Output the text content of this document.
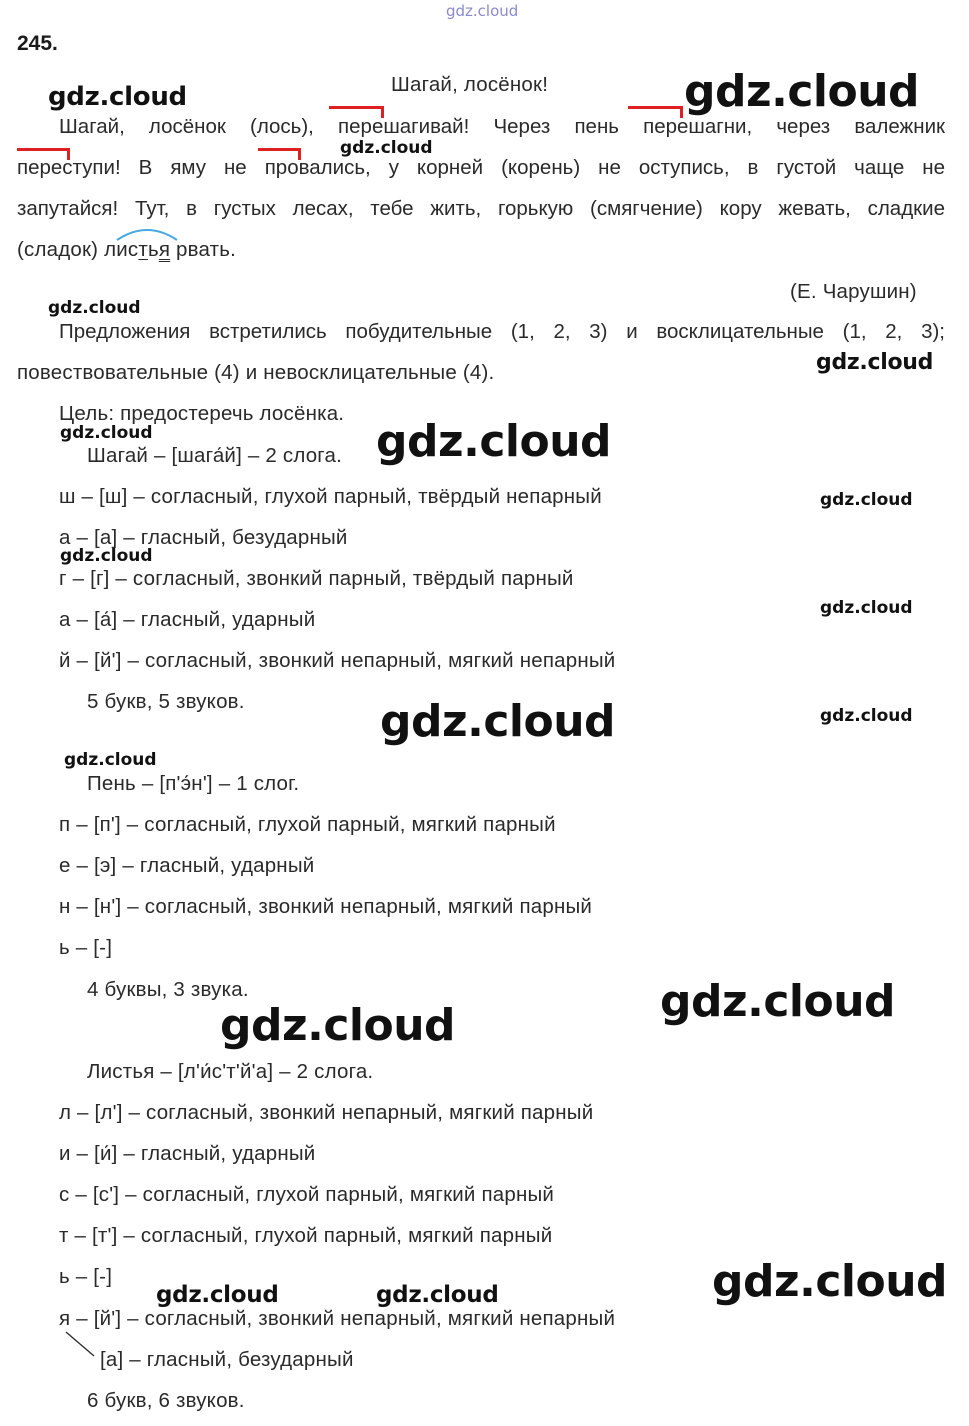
gdz.cloud
245.
Шагай, лосёнок!
Шагай, лосёнок (лось), перешагивай! Через пень перешагни, через валежник
переступи! В яму не провались, у корней (корень) не оступись, в густой чаще не
запутайся! Тут, в густых лесах, тебе жить, горькую (смягчение) кору жевать, сладкие
(сладок) листья рвать.
(Е. Чарушин)
Предложения встретились побудительные (1, 2, 3) и восклицательные (1, 2, 3);
повествовательные (4) и невосклицательные (4).
Цель: предостеречь лосёнка.
Шагай – [шага́й] – 2 слога.
ш – [ш] – согласный, глухой парный, твёрдый непарный
а – [а] – гласный, безударный
г – [г] – согласный, звонкий парный, твёрдый парный
а – [а́] – гласный, ударный
й – [й'] – согласный, звонкий непарный, мягкий непарный
5 букв, 5 звуков.
Пень – [п'э́н'] – 1 слог.
п – [п'] – согласный, глухой парный, мягкий парный
е – [э] – гласный, ударный
н – [н'] – согласный, звонкий непарный, мягкий парный
ь – [-]
4 буквы, 3 звука.
Листья – [л'и́с'т'й'а] – 2 слога.
л – [л'] – согласный, звонкий непарный, мягкий парный
и – [и́] – гласный, ударный
с – [с'] – согласный, глухой парный, мягкий парный
т – [т'] – согласный, глухой парный, мягкий парный
ь – [-]
я – [й'] – согласный, звонкий непарный, мягкий непарный
[а] – гласный, безударный
6 букв, 6 звуков.
gdz.cloud	gdz.cloud
gdz.cloud
gdz.cloud
gdz.cloud
gdz.cloud	gdz.cloud
gdz.cloud
gdz.cloud
gdz.cloud
gdz.cloud	gdz.cloud
gdz.cloud
gdz.cloud
gdz.cloud
gdz.cloud
gdz.cloud	gdz.cloud
